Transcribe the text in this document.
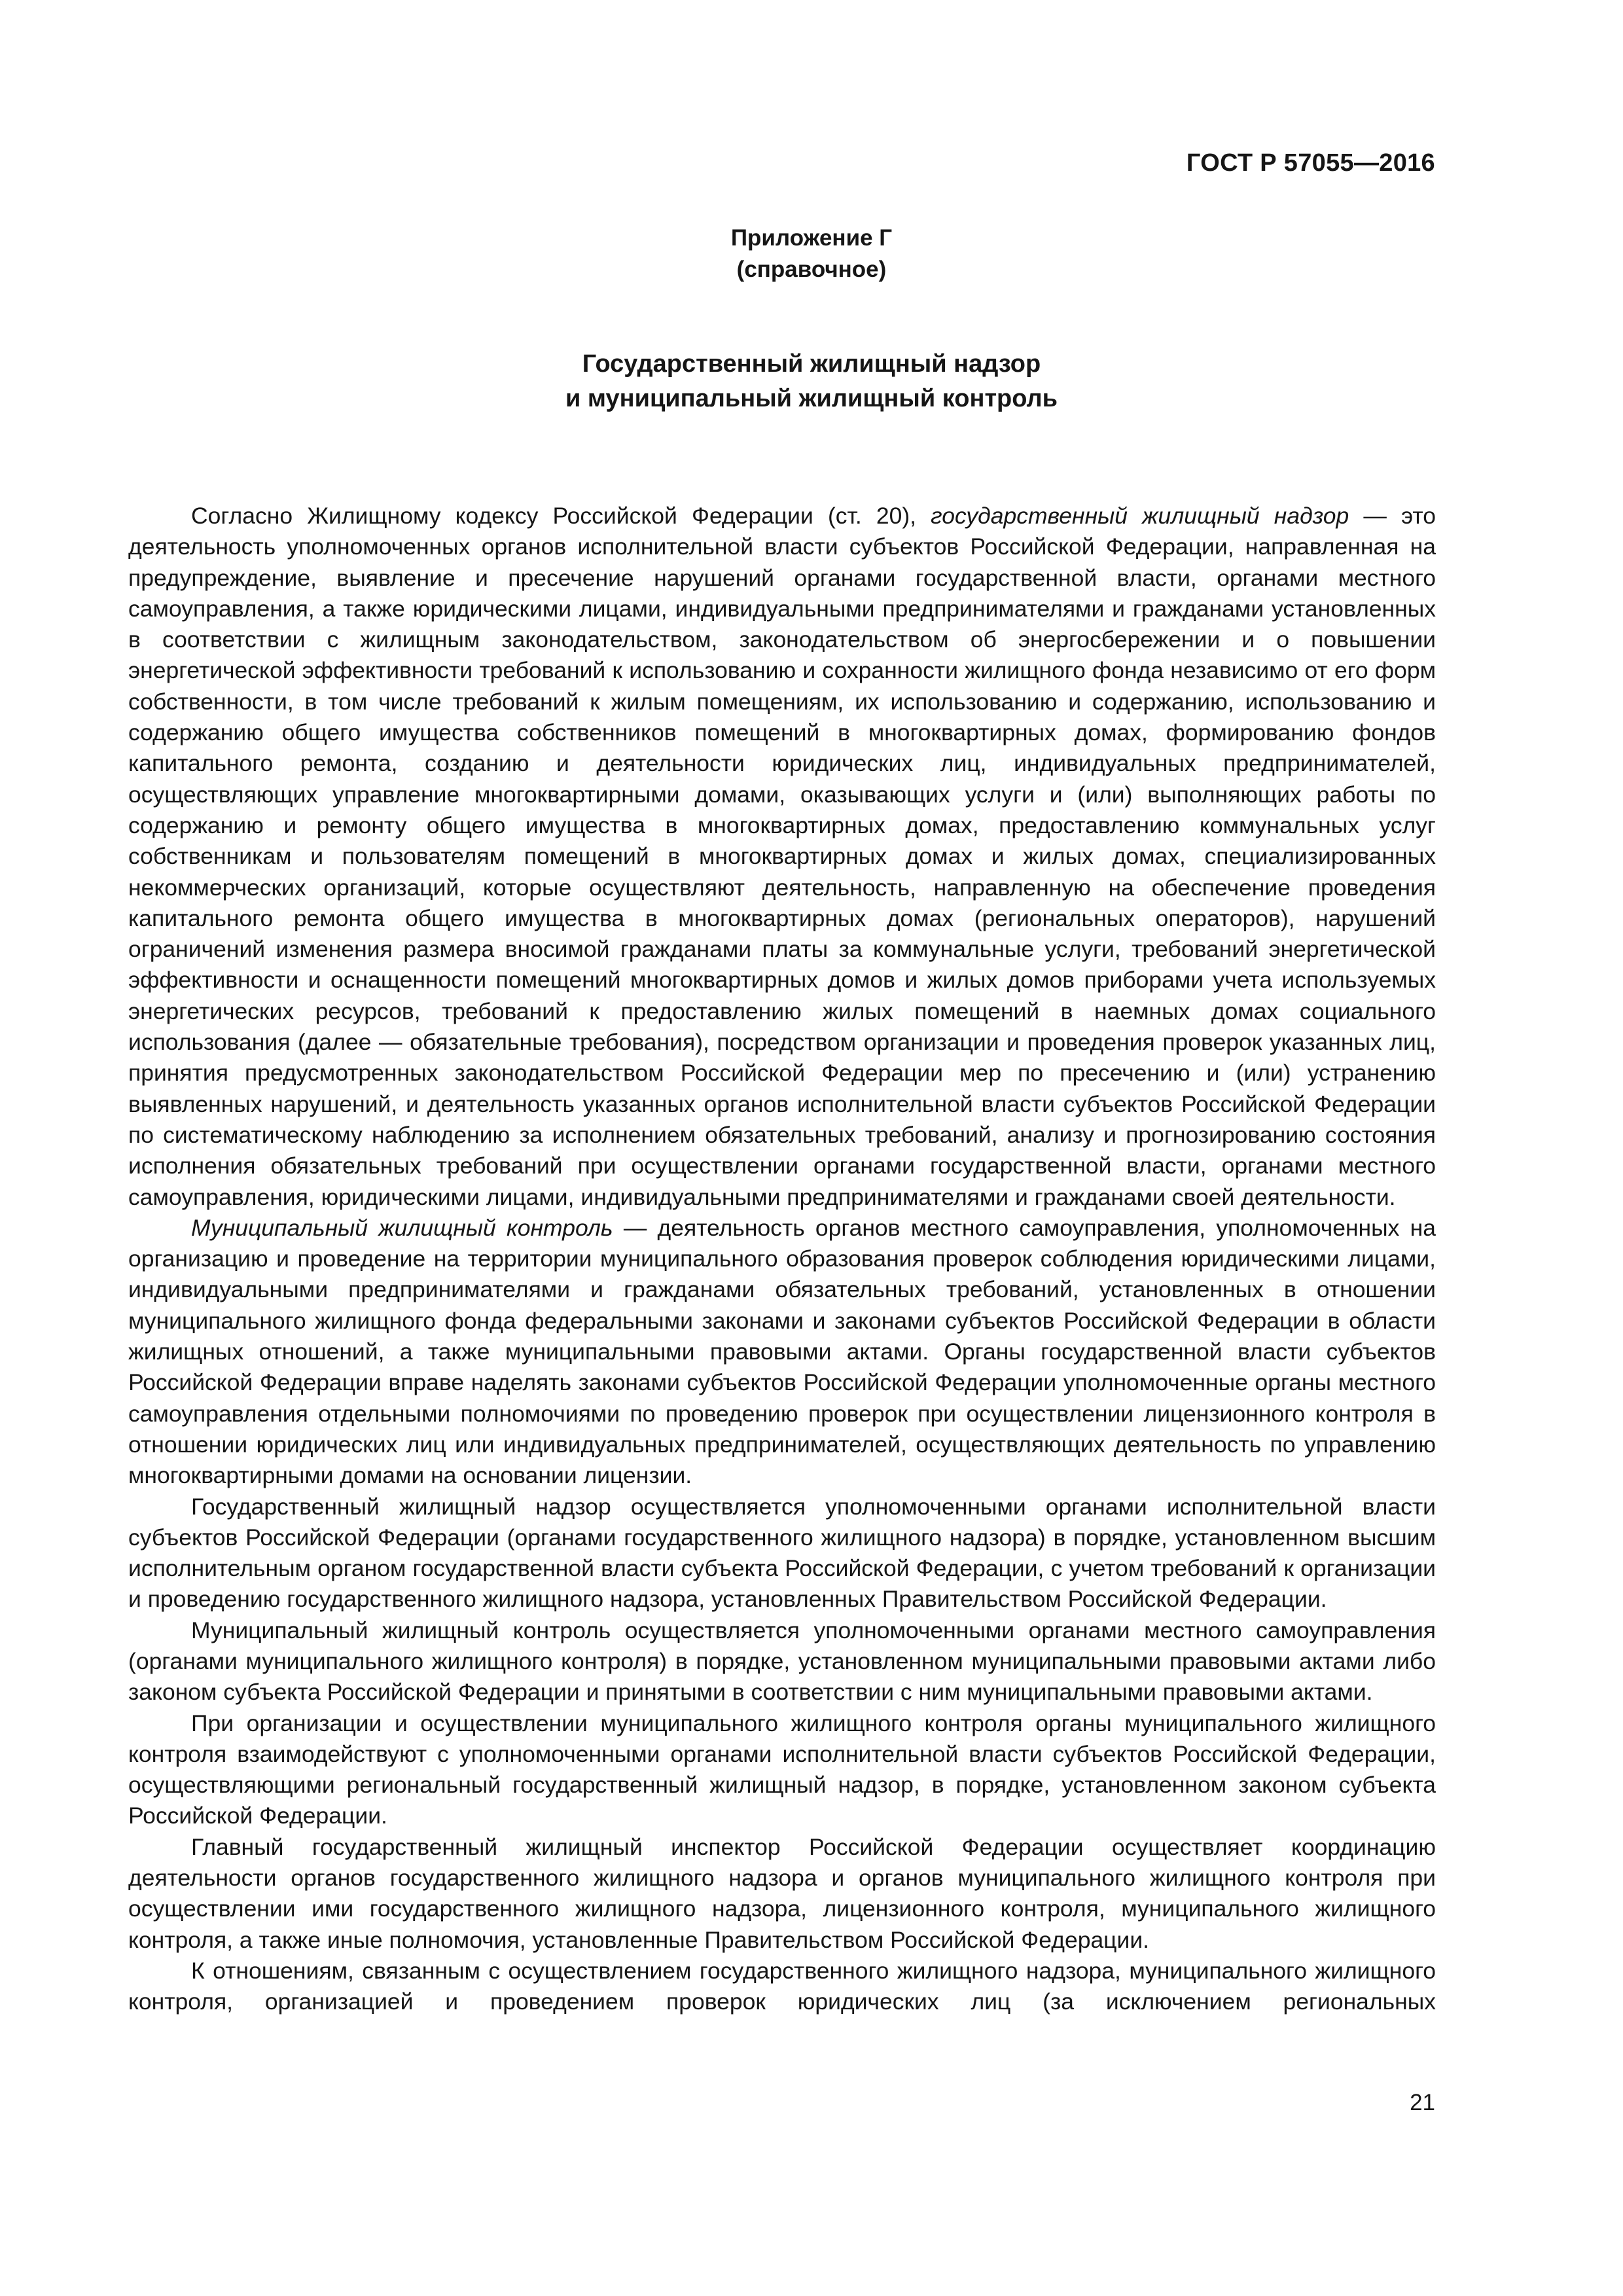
ГОСТ Р 57055—2016
Приложение Г
(справочное)
Государственный жилищный надзор
и муниципальный жилищный контроль

Согласно Жилищному кодексу Российской Федерации (ст. 20), государственный жилищный надзор — это деятельность уполномоченных органов исполнительной власти субъектов Российской Федерации, направленная на предупреждение, выявление и пресечение нарушений органами государственной власти, органами местного самоуправления, а также юридическими лицами, индивидуальными предпринимателями и гражданами установленных в соответствии с жилищным законодательством, законодательством об энергосбережении и о повышении энергетической эффективности требований к использованию и сохранности жилищного фонда независимо от его форм собственности, в том числе требований к жилым помещениям, их использованию и содержанию, использованию и содержанию общего имущества собственников помещений в многоквартирных домах, формированию фондов капитального ремонта, созданию и деятельности юридических лиц, индивидуальных предпринимателей, осуществляющих управление многоквартирными домами, оказывающих услуги и (или) выполняющих работы по содержанию и ремонту общего имущества в многоквартирных домах, предоставлению коммунальных услуг собственникам и пользователям помещений в многоквартирных домах и жилых домах, специализированных некоммерческих организаций, которые осуществляют деятельность, направленную на обеспечение проведения капитального ремонта общего имущества в многоквартирных домах (региональных операторов), нарушений ограничений изменения размера вносимой гражданами платы за коммунальные услуги, требований энергетической эффективности и оснащенности помещений многоквартирных домов и жилых домов приборами учета используемых энергетических ресурсов, требований к предоставлению жилых помещений в наемных домах социального использования (далее — обязательные требования), посредством организации и проведения проверок указанных лиц, принятия предусмотренных законодательством Российской Федерации мер по пресечению и (или) устранению выявленных нарушений, и деятельность указанных органов исполнительной власти субъектов Российской Федерации по систематическому наблюдению за исполнением обязательных требований, анализу и прогнозированию состояния исполнения обязательных требований при осуществлении органами государственной власти, органами местного самоуправления, юридическими лицами, индивидуальными предпринимателями и гражданами своей деятельности.

Муниципальный жилищный контроль — деятельность органов местного самоуправления, уполномоченных на организацию и проведение на территории муниципального образования проверок соблюдения юридическими лицами, индивидуальными предпринимателями и гражданами обязательных требований, установленных в отношении муниципального жилищного фонда федеральными законами и законами субъектов Российской Федерации в области жилищных отношений, а также муниципальными правовыми актами. Органы государственной власти субъектов Российской Федерации вправе наделять законами субъектов Российской Федерации уполномоченные органы местного самоуправления отдельными полномочиями по проведению проверок при осуществлении лицензионного контроля в отношении юридических лиц или индивидуальных предпринимателей, осуществляющих деятельность по управлению многоквартирными домами на основании лицензии.

Государственный жилищный надзор осуществляется уполномоченными органами исполнительной власти субъектов Российской Федерации (органами государственного жилищного надзора) в порядке, установленном высшим исполнительным органом государственной власти субъекта Российской Федерации, с учетом требований к организации и проведению государственного жилищного надзора, установленных Правительством Российской Федерации.

Муниципальный жилищный контроль осуществляется уполномоченными органами местного самоуправления (органами муниципального жилищного контроля) в порядке, установленном муниципальными правовыми актами либо законом субъекта Российской Федерации и принятыми в соответствии с ним муниципальными правовыми актами.

При организации и осуществлении муниципального жилищного контроля органы муниципального жилищного контроля взаимодействуют с уполномоченными органами исполнительной власти субъектов Российской Федерации, осуществляющими региональный государственный жилищный надзор, в порядке, установленном законом субъекта Российской Федерации.

Главный государственный жилищный инспектор Российской Федерации осуществляет координацию деятельности органов государственного жилищного надзора и органов муниципального жилищного контроля при осуществлении ими государственного жилищного надзора, лицензионного контроля, муниципального жилищного контроля, а также иные полномочия, установленные Правительством Российской Федерации.

К отношениям, связанным с осуществлением государственного жилищного надзора, муниципального жилищного контроля, организацией и проведением проверок юридических лиц (за исключением региональных

21
